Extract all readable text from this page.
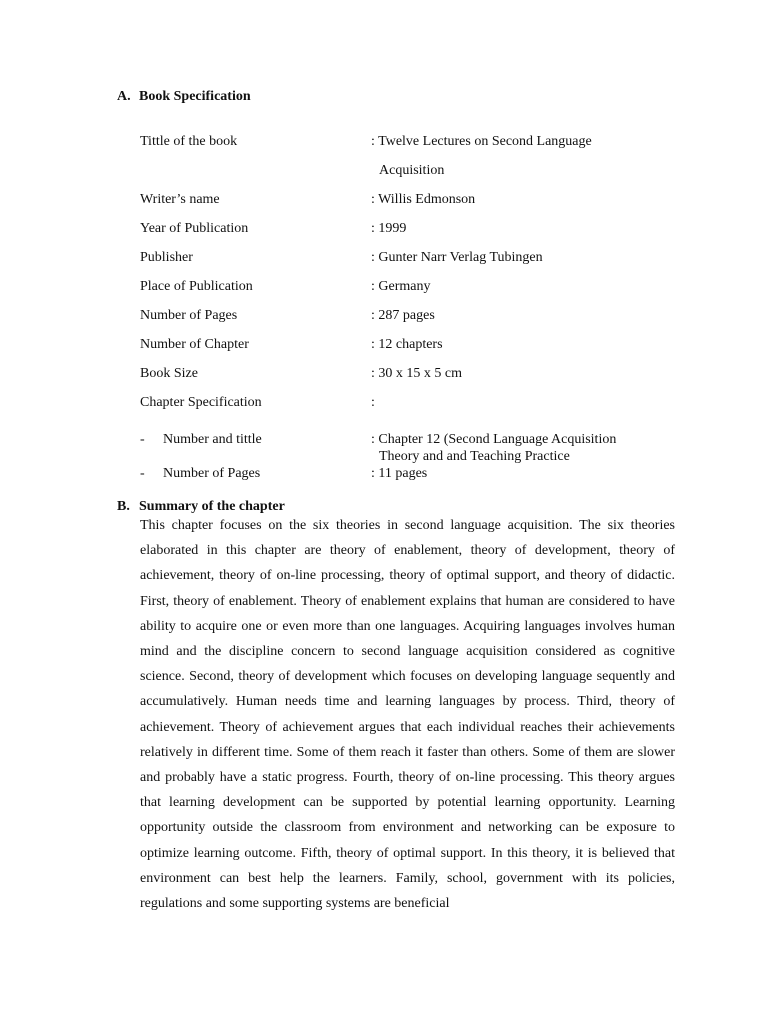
A. Book Specification
Tittle of the book	: Twelve Lectures on Second Language
Acquisition
Writer’s name	: Willis Edmonson
Year of Publication	: 1999
Publisher	: Gunter Narr Verlag Tubingen
Place of Publication	: Germany
Number of Pages	: 287 pages
Number of Chapter	: 12 chapters
Book Size	: 30 x 15 x 5 cm
Chapter Specification	:
- Number and tittle	: Chapter 12 (Second Language Acquisition
Theory and and Teaching Practice
- Number of Pages	: 11 pages
B. Summary of the chapter

This chapter focuses on the six theories in second language acquisition. The six theories elaborated in this chapter are theory of enablement, theory of development, theory of achievement, theory of on-line processing, theory of optimal support, and theory of didactic. First, theory of enablement. Theory of enablement explains that human are considered to have ability to acquire one or even more than one languages. Acquiring languages involves human mind and the discipline concern to second language acquisition considered as cognitive science. Second, theory of development which focuses on developing language sequently and accumulatively. Human needs time and learning languages by process. Third, theory of achievement. Theory of achievement argues that each individual reaches their achievements relatively in different time. Some of them reach it faster than others. Some of them are slower and probably have a static progress. Fourth, theory of on-line processing. This theory argues that learning development can be supported by potential learning opportunity. Learning opportunity outside the classroom from environment and networking can be exposure to optimize learning outcome. Fifth, theory of optimal support. In this theory, it is believed that environment can best help the learners. Family, school, government with its policies, regulations and some supporting systems are beneficial
